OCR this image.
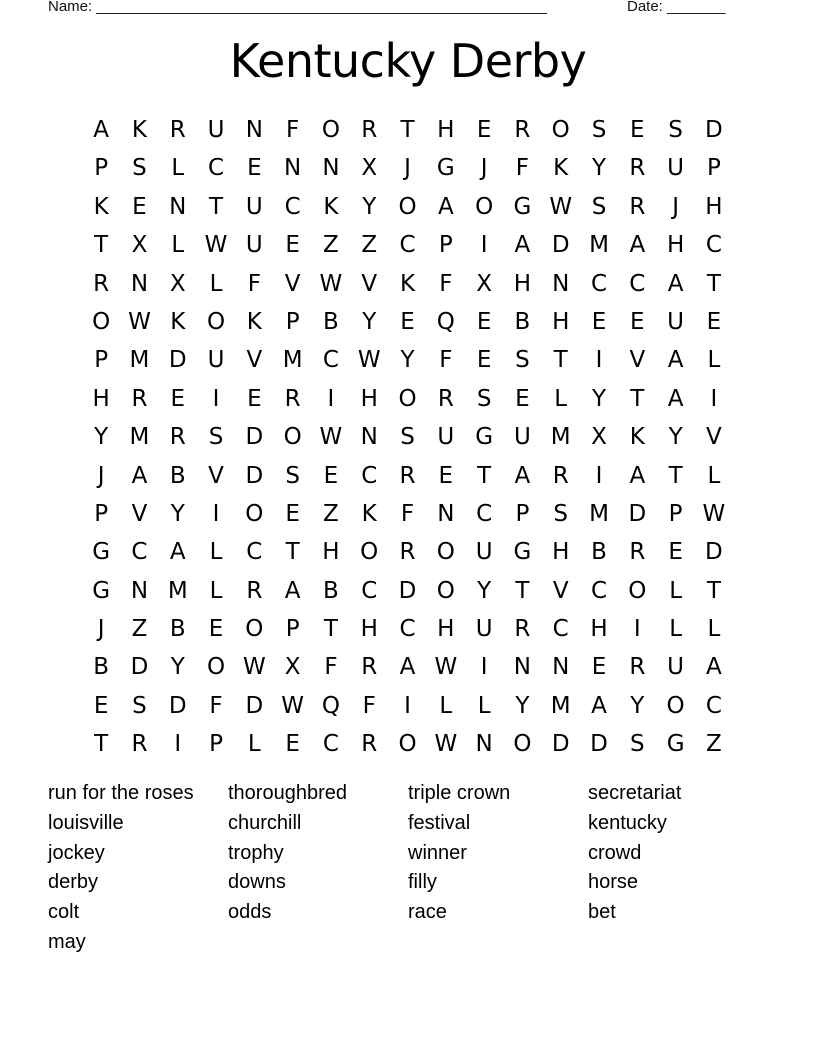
Name: ______________________________________________________	Date: _______
Kentucky Derby
A K R U N	F O R	T H E	R O S	E	S D
P	S	L	C	E N N X	J	G	J	F	K	Y	R U P
K	E N T U C K	Y O A O G W S	R	J	H
T	X	L W U E	Z Z C	P	I	A D M A H C
R N X	L	F	V W V K	F	X H N C C A	T
O W K O K	P	B	Y	E Q E	B H E	E U E
P M D U V M C W Y	F	E	S	T	I	V A	L
H R	E	I	E	R	I	H O R	S	E	L	Y	T	A	I
Y M R	S D O W N S U G U M X K	Y	V
J	A B V D S	E C R	E	T	A R	I	A	T	L
P	V	Y	I	O E	Z K	F	N C	P	S M D P W
G C A	L	C	T H O R O U G H B R	E D
G N M L	R A B C D O Y	T	V C O L	T
J	Z B	E O P	T H C H U R C H	I	L	L
B D Y O W X	F	R A W	I	N N E	R U A
E	S D F D W Q F	I	L	L	Y M A	Y O C
T	R	I	P	L	E C R O W N O D D S G Z
run for the roses	thoroughbred	triple crown	secretariat
louisville	churchill	festival	kentucky
jockey	trophy	winner	crowd
derby	downs	filly	horse
colt	odds	race	bet
may
